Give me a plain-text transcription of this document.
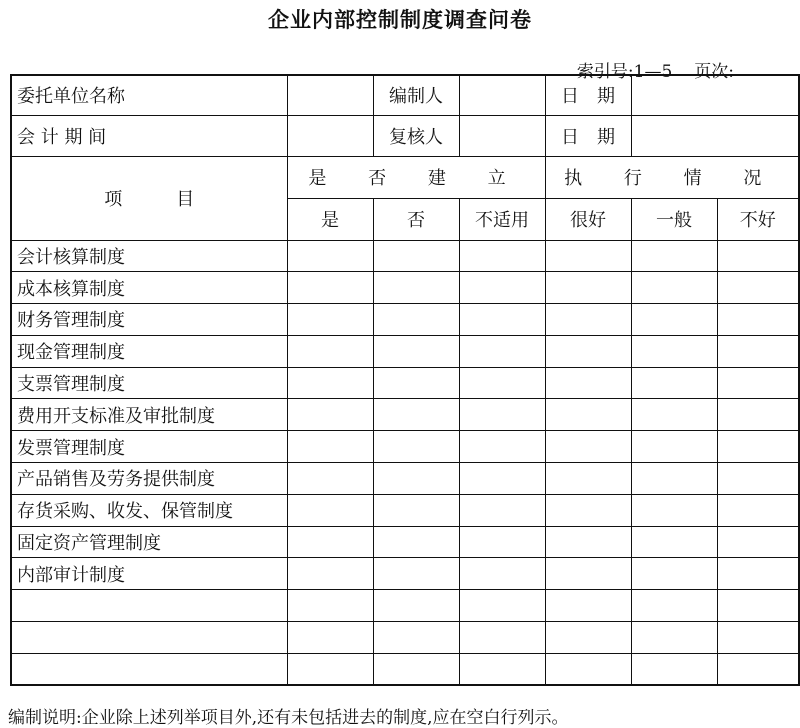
企业内部控制制度调查问卷

索引号:1—5 页次:

委托单位名称		编制人		日　期		
会 计 期 间		复核人		日　期		
项　　　目	是 否 建 立			执 行 情 况		
	是	否	不适用	很好	一般	不好
会计核算制度						
成本核算制度						
财务管理制度						
现金管理制度						
支票管理制度						
费用开支标准及审批制度						
发票管理制度						
产品销售及劳务提供制度						
存货采购、收发、保管制度						
固定资产管理制度						
内部审计制度						

编制说明:企业除上述列举项目外,还有未包括进去的制度,应在空白行列示。
